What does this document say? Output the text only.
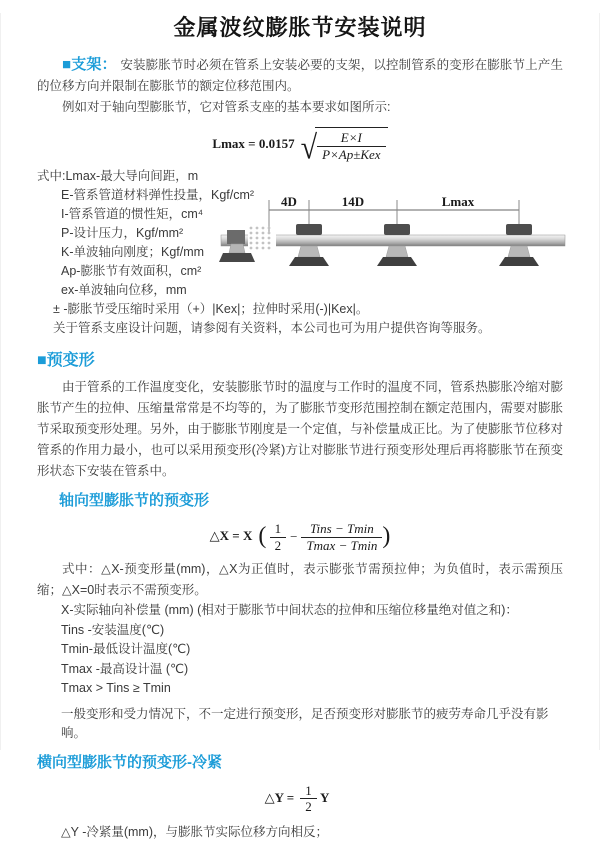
金属波纹膨胀节安装说明

■支架： 安装膨胀节时必须在管系上安装必要的支架，以控制管系的变形在膨胀节上产生的位移方向并限制在膨胀节的额定位移范围内。

例如对于轴向型膨胀节，它对管系支座的基本要求如图所示:

Lmax = 0.0157 √ $\frac{E\times I}{\text{P×Ap±Kex}}$
式中:Lmax-最大导向间距，m
E-管系管道材料弹性投量，Kgf/cm²
I-管系管道的惯性矩，cm⁴
P-设计压力，Kgf/mm²
K-单波轴向刚度；Kgf/mm
Ap-膨胀节有效面积，cm²
ex-单波轴向位移，mm
± -膨胀节受压缩时采用（+）|Kex|；拉伸时采用(-)|Kex|。
关于管系支座设计问题，请参阅有关资料，本公司也可为用户提供咨询等服务。
4D	14D	Lmax
■预变形

由于管系的工作温度变化，安装膨胀节时的温度与工作时的温度不同，管系热膨胀冷缩对膨胀节产生的拉伸、压缩量常常是不均等的，为了膨胀节变形范围控制在额定范围内，需要对膨胀节采取预变形处理。另外，由于膨胀节刚度是一个定值，与补偿量成正比。为了使膨胀节位移对管系的作用力最小，也可以采用预变形(冷紧)方让对膨胀节进行预变形处理后再将膨胀节在预变形状态下安装在管系中。

轴向型膨胀节的预变形
△X = X ( $\frac{1}{2} - \frac{\text{Tins − Tmin}}{Tmax - Tmin}$ )

式中：△X-预变形量(mm)，△X为正值时，表示膨张节需预拉伸；为负值时，表示需预压缩；△X=0时表示不需预变形。

X-实际轴向补偿量 (mm) (相对于膨胀节中间状态的拉伸和压缩位移量绝对值之和)：
Tins -安装温度(℃)
Tmin-最低设计温度(℃)
Tmax -最高设计温 (℃)
Tmax > Tins ≥ Tmin
一般变形和受力情况下，不一定进行预变形，足否预变形对膨胀节的疲劳寿命几乎没有影响。
横向型膨胀节的预变形-冷紧
△Y = $\frac{1}{2}$ Y
△Y -冷紧量(mm)，与膨胀节实际位移方向相反；
